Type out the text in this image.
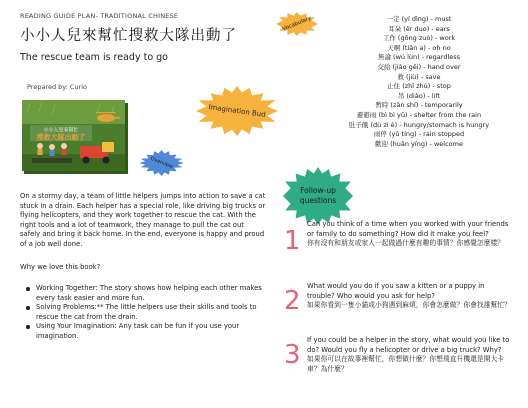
READING GUIDE PLAN- TRADITIONAL CHINESE
小小人兒來幫忙搜救大隊出動了
The rescue team is ready to go
Prepared by: Curio
小小人兒來幫忙
搜救大隊出動了
Vocabulary	一定 (yí dìng) - must
耳朵 (ěr duo) - ears
工作 (gōng zuò) - work
天啊 (tiān a) - oh no
無論 (wú lùn) - regardless
交給 (jiāo gěi) - hand over
救 (jiù) - save
止住 (zhǐ zhù) - stop
吊 (diào) - lift
暫時 (zàn shí) - temporarily
避避雨 (bì bì yǔ) - shelter from the rain
肚子餓 (dù zi è) - hungry/stomach is hungry
雨停 (yǔ tíng) - rain stopped
歡迎 (huān yíng) - welcome
Imagination Bud
Overview
Follow-up questions
On a stormy day, a team of little helpers jumps into action to save a cat stuck in a drain. Each helper has a special role, like driving big trucks or flying helicopters, and they work together to rescue the cat. With the right tools and a lot of teamwork, they manage to pull the cat out safely and bring it back home. In the end, everyone is happy and proud of a job well done.
Why we love this book?
Working Together: The story shows how helping each other makes every task easier and more fun.
Solving Problems:** The little helpers use their skills and tools to rescue the cat from the drain.
Using Your Imagination: Any task can be fun if you use your imagination.
1
Can you think of a time when you worked with your friends or family to do something? How did it make you feel?
你有沒有和朋友或家人一起做過什麼有趣的事情？你感覺怎麼樣？
2 What would you do if you saw a kitten or a puppy in trouble? Who would you ask for help?
如果你看到一隻小貓或小狗遇到麻煩，你會怎麼做？你會找誰幫忙？
3 If you could be a helper in the story, what would you like to do? Would you fly a helicopter or drive a big truck? Why?
如果你可以在故事裡幫忙，你想做什麼？你想飛直升機還是開大卡車？為什麼？
